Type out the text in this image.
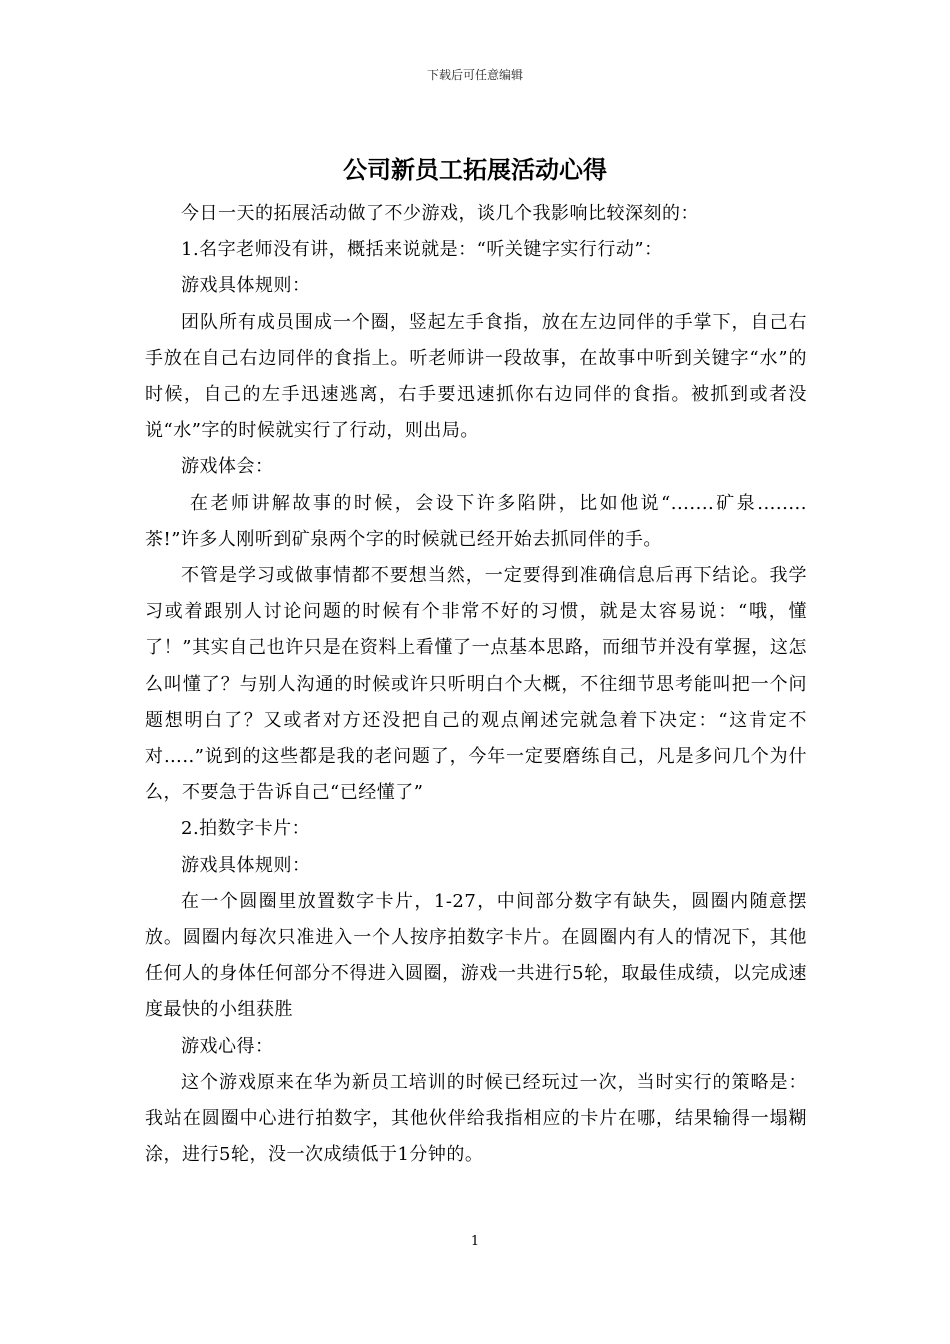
下载后可任意编辑
公司新员工拓展活动心得

今日一天的拓展活动做了不少游戏，谈几个我影响比较深刻的：

1.名字老师没有讲，概括来说就是：“听关键字实行行动”：

游戏具体规则：

团队所有成员围成一个圈，竖起左手食指，放在左边同伴的手掌下，自己右手放在自己右边同伴的食指上。听老师讲一段故事，在故事中听到关键字“水”的时候，自己的左手迅速逃离，右手要迅速抓你右边同伴的食指。被抓到或者没说“水”字的时候就实行了行动，则出局。

游戏体会：

在老师讲解故事的时候，会设下许多陷阱，比如他说“.......矿泉........茶!”许多人刚听到矿泉两个字的时候就已经开始去抓同伴的手。

不管是学习或做事情都不要想当然，一定要得到准确信息后再下结论。我学习或着跟别人讨论问题的时候有个非常不好的习惯，就是太容易说：“哦，懂了！”其实自己也许只是在资料上看懂了一点基本思路，而细节并没有掌握，这怎么叫懂了？与别人沟通的时候或许只听明白个大概，不往细节思考能叫把一个问题想明白了？又或者对方还没把自己的观点阐述完就急着下决定：“这肯定不对…..”说到的这些都是我的老问题了，今年一定要磨练自己，凡是多问几个为什么，不要急于告诉自己“已经懂了”

2.拍数字卡片：

游戏具体规则：

在一个圆圈里放置数字卡片，1-27，中间部分数字有缺失，圆圈内随意摆放。圆圈内每次只准进入一个人按序拍数字卡片。在圆圈内有人的情况下，其他任何人的身体任何部分不得进入圆圈，游戏一共进行5轮，取最佳成绩，以完成速度最快的小组获胜

游戏心得：

这个游戏原来在华为新员工培训的时候已经玩过一次，当时实行的策略是：我站在圆圈中心进行拍数字，其他伙伴给我指相应的卡片在哪，结果输得一塌糊涂，进行5轮，没一次成绩低于1分钟的。

1
